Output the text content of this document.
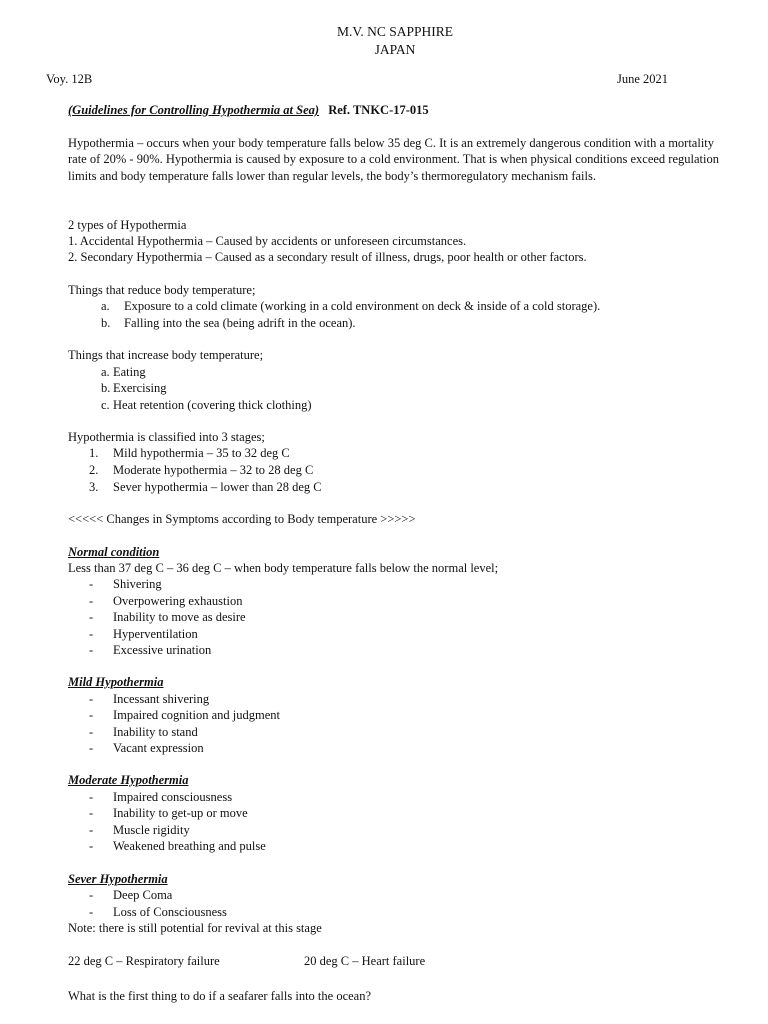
M.V. NC SAPPHIRE
JAPAN
Voy. 12B	June 2021
(Guidelines for Controlling Hypothermia at Sea) Ref. TNKC-17-015
Hypothermia – occurs when your body temperature falls below 35 deg C. It is an extremely dangerous condition with a mortality rate of 20% - 90%. Hypothermia is caused by exposure to a cold environment. That is when physical conditions exceed regulation limits and body temperature falls lower than regular levels, the body’s thermoregulatory mechanism fails.
2 types of Hypothermia
1. Accidental Hypothermia – Caused by accidents or unforeseen circumstances.
2. Secondary Hypothermia – Caused as a secondary result of illness, drugs, poor health or other factors.
Things that reduce body temperature;
a. Exposure to a cold climate (working in a cold environment on deck & inside of a cold storage).
b. Falling into the sea (being adrift in the ocean).
Things that increase body temperature;
a. Eating
b. Exercising
c. Heat retention (covering thick clothing)
Hypothermia is classified into 3 stages;
1. Mild hypothermia – 35 to 32 deg C
2. Moderate hypothermia – 32 to 28 deg C
3. Sever hypothermia – lower than 28 deg C
<<<<< Changes in Symptoms according to Body temperature >>>>>
Normal condition
Less than 37 deg C – 36 deg C – when body temperature falls below the normal level;
- Shivering
- Overpowering exhaustion
- Inability to move as desire
- Hyperventilation
- Excessive urination
Mild Hypothermia
- Incessant shivering
- Impaired cognition and judgment
- Inability to stand
- Vacant expression
Moderate Hypothermia
- Impaired consciousness
- Inability to get-up or move
- Muscle rigidity
- Weakened breathing and pulse
Sever Hypothermia
- Deep Coma
- Loss of Consciousness
Note: there is still potential for revival at this stage
22 deg C – Respiratory failure	20 deg C – Heart failure
What is the first thing to do if a seafarer falls into the ocean?
